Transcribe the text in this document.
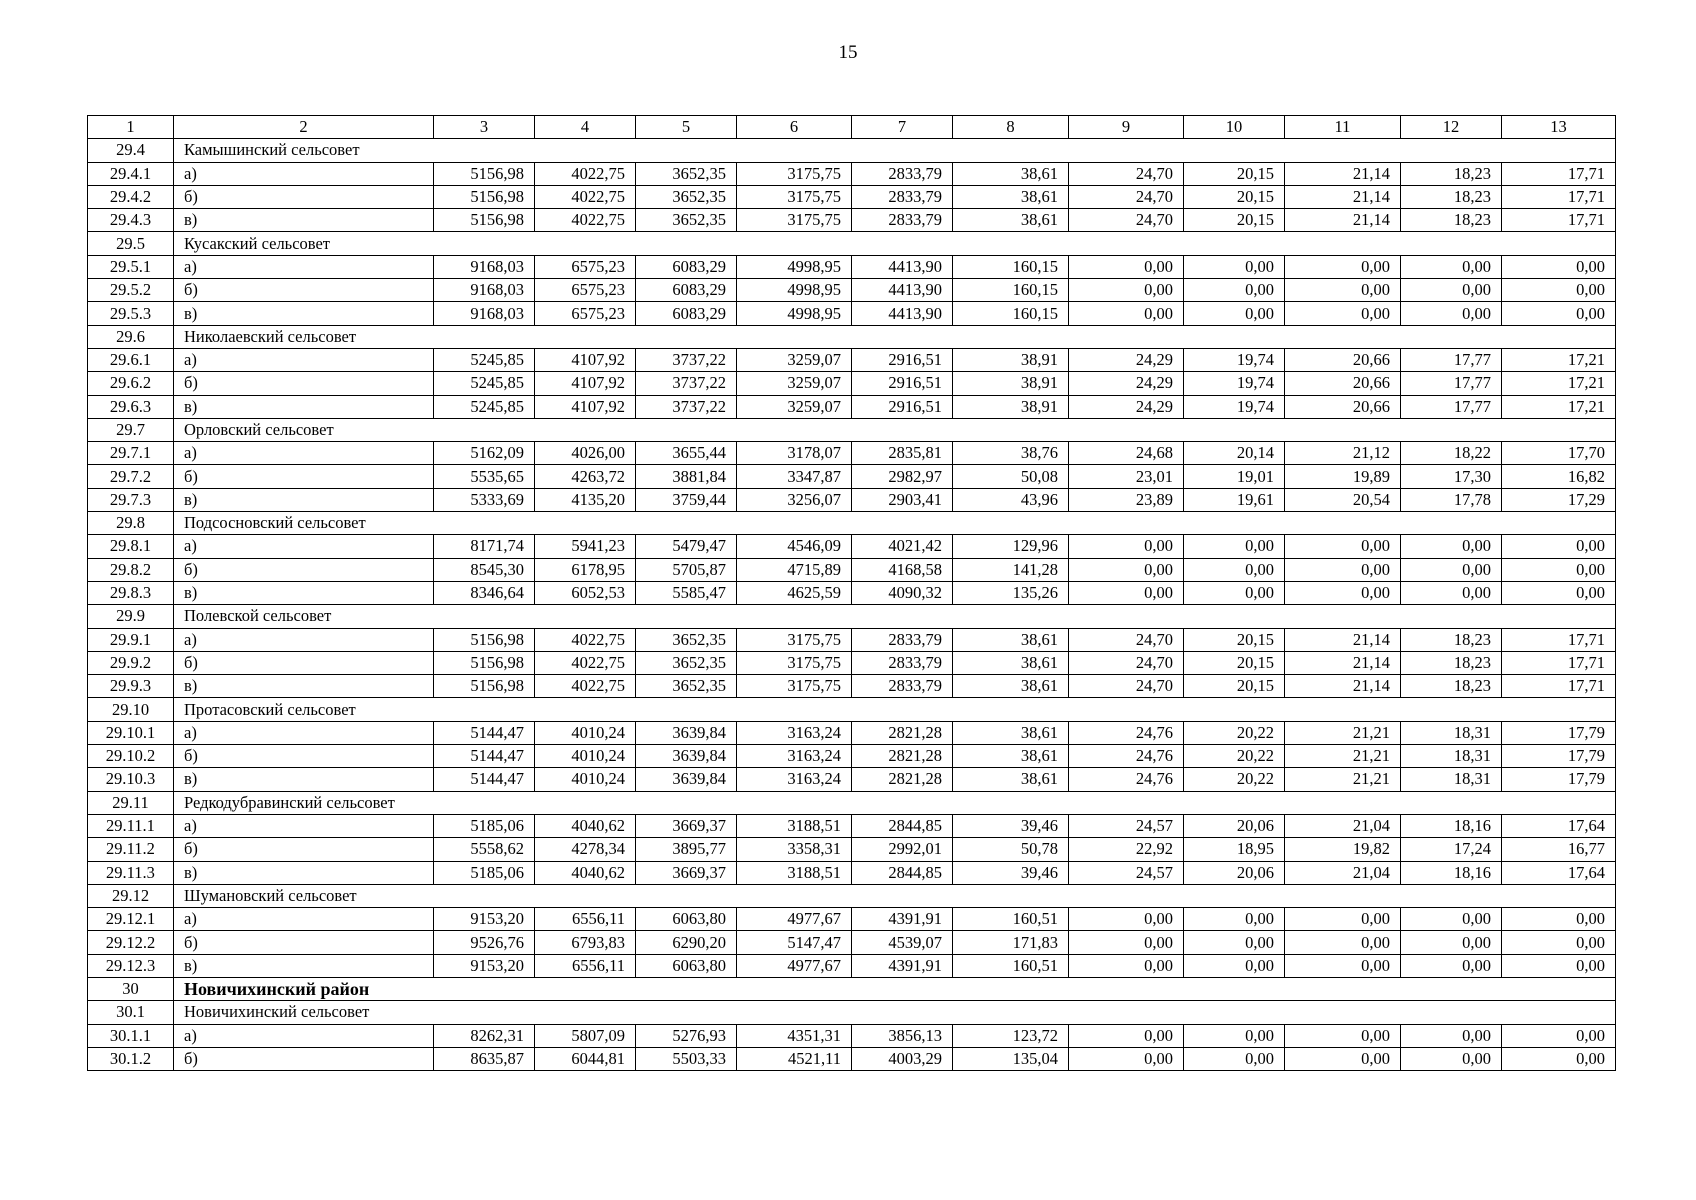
15
1	2	3	4	5	6	7	8	9	10	11	12	13
29.4	Камышинский сельсовет											
29.4.1	а)	5156,98	4022,75	3652,35	3175,75	2833,79	38,61	24,70	20,15	21,14	18,23	17,71
29.4.2	б)	5156,98	4022,75	3652,35	3175,75	2833,79	38,61	24,70	20,15	21,14	18,23	17,71
29.4.3	в)	5156,98	4022,75	3652,35	3175,75	2833,79	38,61	24,70	20,15	21,14	18,23	17,71
29.5	Кусакский сельсовет											
29.5.1	а)	9168,03	6575,23	6083,29	4998,95	4413,90	160,15	0,00	0,00	0,00	0,00	0,00
29.5.2	б)	9168,03	6575,23	6083,29	4998,95	4413,90	160,15	0,00	0,00	0,00	0,00	0,00
29.5.3	в)	9168,03	6575,23	6083,29	4998,95	4413,90	160,15	0,00	0,00	0,00	0,00	0,00
29.6	Николаевский сельсовет											
29.6.1	а)	5245,85	4107,92	3737,22	3259,07	2916,51	38,91	24,29	19,74	20,66	17,77	17,21
29.6.2	б)	5245,85	4107,92	3737,22	3259,07	2916,51	38,91	24,29	19,74	20,66	17,77	17,21
29.6.3	в)	5245,85	4107,92	3737,22	3259,07	2916,51	38,91	24,29	19,74	20,66	17,77	17,21
29.7	Орловский сельсовет											
29.7.1	а)	5162,09	4026,00	3655,44	3178,07	2835,81	38,76	24,68	20,14	21,12	18,22	17,70
29.7.2	б)	5535,65	4263,72	3881,84	3347,87	2982,97	50,08	23,01	19,01	19,89	17,30	16,82
29.7.3	в)	5333,69	4135,20	3759,44	3256,07	2903,41	43,96	23,89	19,61	20,54	17,78	17,29
29.8	Подсосновский сельсовет											
29.8.1	а)	8171,74	5941,23	5479,47	4546,09	4021,42	129,96	0,00	0,00	0,00	0,00	0,00
29.8.2	б)	8545,30	6178,95	5705,87	4715,89	4168,58	141,28	0,00	0,00	0,00	0,00	0,00
29.8.3	в)	8346,64	6052,53	5585,47	4625,59	4090,32	135,26	0,00	0,00	0,00	0,00	0,00
29.9	Полевской сельсовет											
29.9.1	а)	5156,98	4022,75	3652,35	3175,75	2833,79	38,61	24,70	20,15	21,14	18,23	17,71
29.9.2	б)	5156,98	4022,75	3652,35	3175,75	2833,79	38,61	24,70	20,15	21,14	18,23	17,71
29.9.3	в)	5156,98	4022,75	3652,35	3175,75	2833,79	38,61	24,70	20,15	21,14	18,23	17,71
29.10	Протасовский сельсовет											
29.10.1	а)	5144,47	4010,24	3639,84	3163,24	2821,28	38,61	24,76	20,22	21,21	18,31	17,79
29.10.2	б)	5144,47	4010,24	3639,84	3163,24	2821,28	38,61	24,76	20,22	21,21	18,31	17,79
29.10.3	в)	5144,47	4010,24	3639,84	3163,24	2821,28	38,61	24,76	20,22	21,21	18,31	17,79
29.11	Редкодубравинский сельсовет											
29.11.1	а)	5185,06	4040,62	3669,37	3188,51	2844,85	39,46	24,57	20,06	21,04	18,16	17,64
29.11.2	б)	5558,62	4278,34	3895,77	3358,31	2992,01	50,78	22,92	18,95	19,82	17,24	16,77
29.11.3	в)	5185,06	4040,62	3669,37	3188,51	2844,85	39,46	24,57	20,06	21,04	18,16	17,64
29.12	Шумановский сельсовет											
29.12.1	а)	9153,20	6556,11	6063,80	4977,67	4391,91	160,51	0,00	0,00	0,00	0,00	0,00
29.12.2	б)	9526,76	6793,83	6290,20	5147,47	4539,07	171,83	0,00	0,00	0,00	0,00	0,00
29.12.3	в)	9153,20	6556,11	6063,80	4977,67	4391,91	160,51	0,00	0,00	0,00	0,00	0,00
30	Новичихинский район											
30.1	Новичихинский сельсовет											
30.1.1	а)	8262,31	5807,09	5276,93	4351,31	3856,13	123,72	0,00	0,00	0,00	0,00	0,00
30.1.2	б)	8635,87	6044,81	5503,33	4521,11	4003,29	135,04	0,00	0,00	0,00	0,00	0,00
